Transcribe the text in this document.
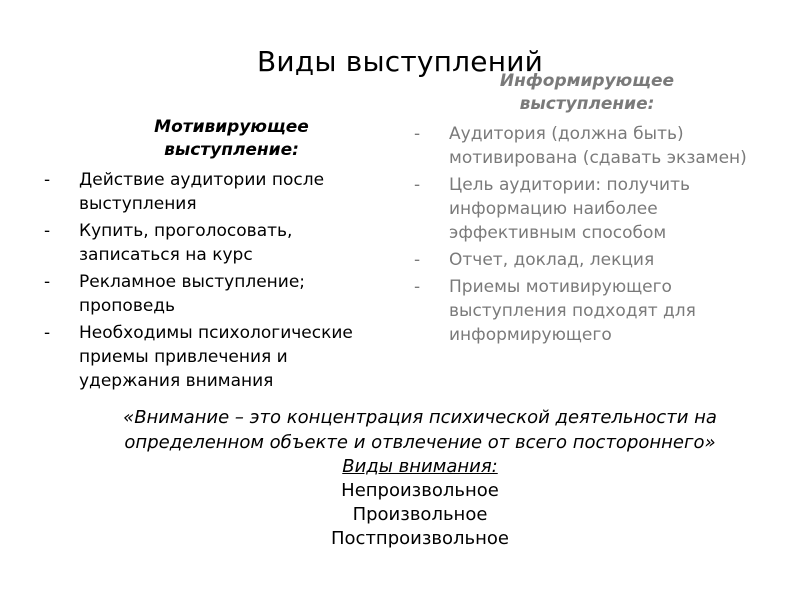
Виды выступлений
Мотивирующее
выступление:
- Действие аудитории после выступления
- Купить, проголосовать, записаться на курс
- Рекламное выступление; проповедь
- Необходимы психологические приемы привлечения и удержания внимания
Информирующее
выступление:
- Аудитория (должна быть) мотивирована (сдавать экзамен)
- Цель аудитории: получить информацию наиболее эффективным способом
- Отчет, доклад, лекция
- Приемы мотивирующего выступления подходят для информирующего

«Внимание – это концентрация психической деятельности на определенном объекте и отвлечение от всего постороннего»

Виды внимания:

Непроизвольное

Произвольное

Постпроизвольное
